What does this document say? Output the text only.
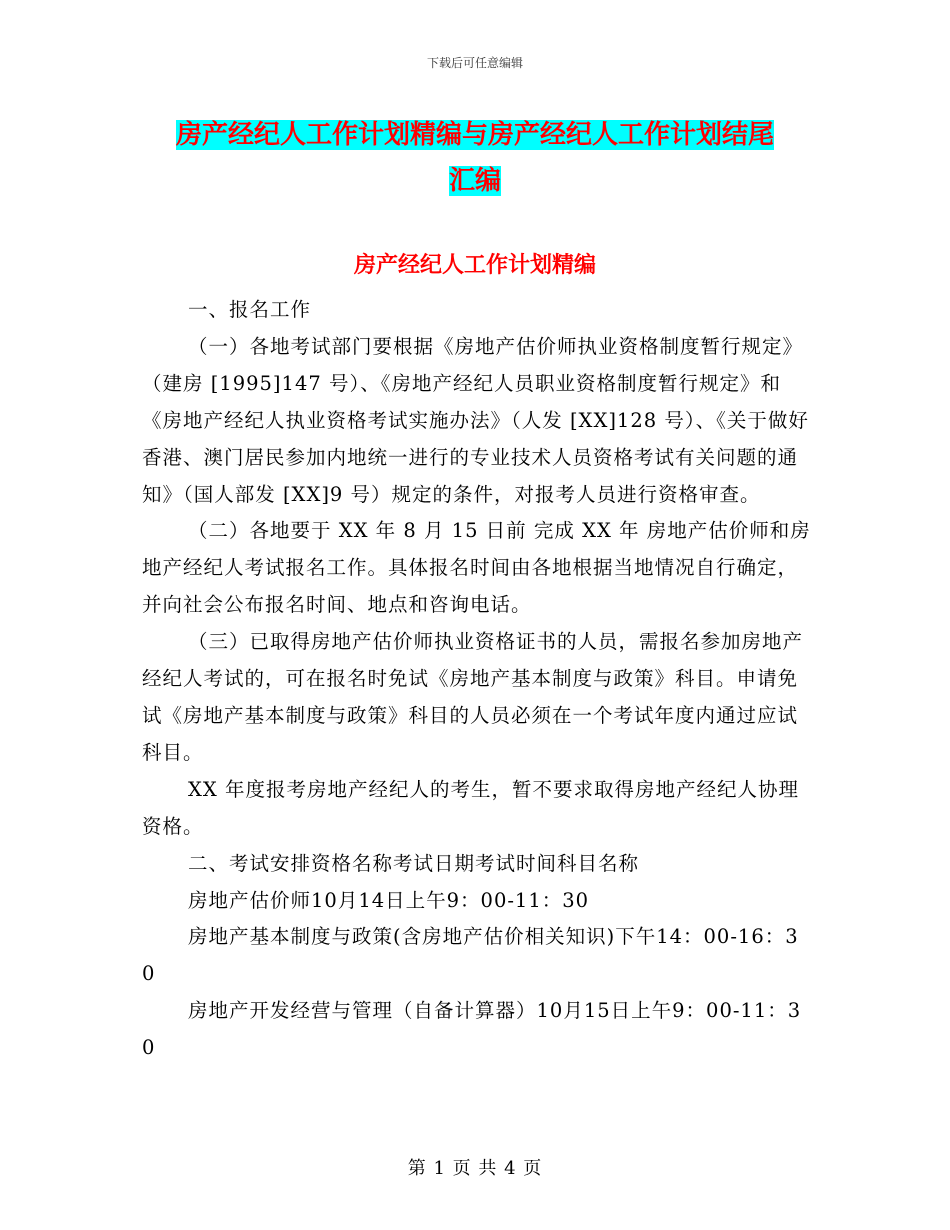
下载后可任意编辑
房产经纪人工作计划精编与房产经纪人工作计划结尾
汇编
房产经纪人工作计划精编

一、报名工作

（一）各地考试部门要根据《房地产估价师执业资格制度暂行规定》（建房 [1995]147 号）、《房地产经纪人员职业资格制度暂行规定》和《房地产经纪人执业资格考试实施办法》（人发 [XX]128 号）、《关于做好香港、澳门居民参加内地统一进行的专业技术人员资格考试有关问题的通知》（国人部发 [XX]9 号）规定的条件，对报考人员进行资格审查。

（二）各地要于 XX 年 8 月 15 日前 完成 XX 年 房地产估价师和房地产经纪人考试报名工作。具体报名时间由各地根据当地情况自行确定，并向社会公布报名时间、地点和咨询电话。

（三）已取得房地产估价师执业资格证书的人员，需报名参加房地产经纪人考试的，可在报名时免试《房地产基本制度与政策》科目。申请免试《房地产基本制度与政策》科目的人员必须在一个考试年度内通过应试科目。

XX 年度报考房地产经纪人的考生，暂不要求取得房地产经纪人协理资格。

二、考试安排资格名称考试日期考试时间科目名称

房地产估价师10月14日上午9：00-11：30

房地产基本制度与政策(含房地产估价相关知识)下午14：00-16：30

房地产开发经营与管理（自备计算器）10月15日上午9：00-11：30

第 1 页 共 4 页
